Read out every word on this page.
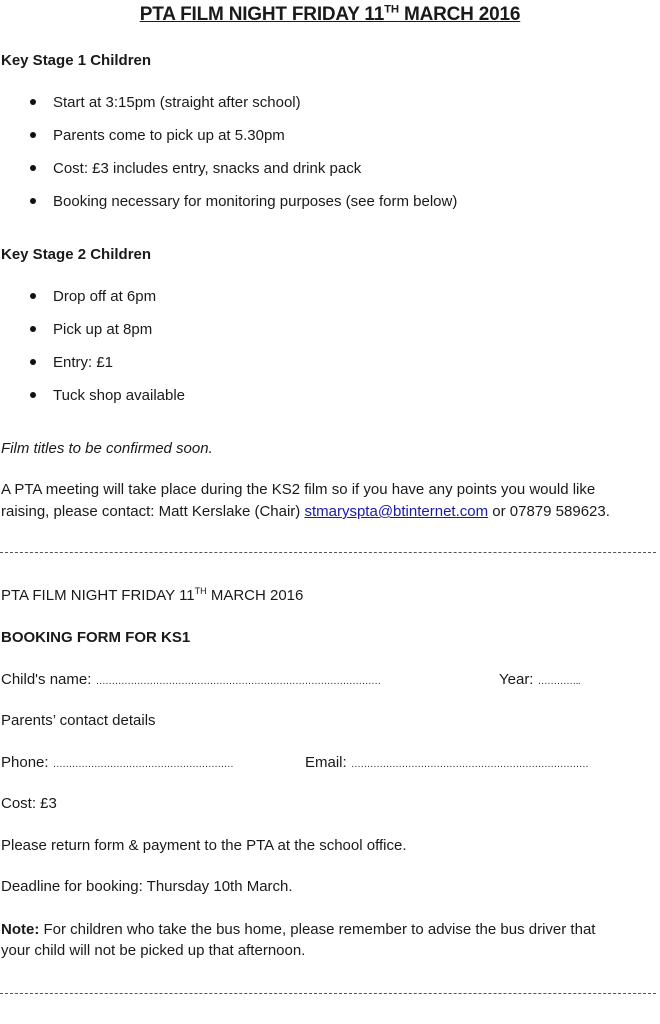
PTA FILM NIGHT FRIDAY 11TH MARCH 2016
Key Stage 1 Children
Start at 3:15pm (straight after school)
Parents come to pick up at 5.30pm
Cost: £3 includes entry, snacks and drink pack
Booking necessary for monitoring purposes (see form below)
Key Stage 2 Children
Drop off at 6pm
Pick up at 8pm
Entry: £1
Tuck shop available
Film titles to be confirmed soon.
A PTA meeting will take place during the KS2 film so if you have any points you would like
raising, please contact: Matt Kerslake (Chair) stmaryspta@btinternet.com or 07879 589623.
PTA FILM NIGHT FRIDAY 11TH MARCH 2016
BOOKING FORM FOR KS1
Child's name: ………………………………………………………………………………	Year: …………..
Parents’ contact details
Phone: …………………………………………………	Email: …………………………………………………………………
Cost: £3
Please return form & payment to the PTA at the school office.
Deadline for booking: Thursday 10th March.
Note: For children who take the bus home, please remember to advise the bus driver that
your child will not be picked up that afternoon.
